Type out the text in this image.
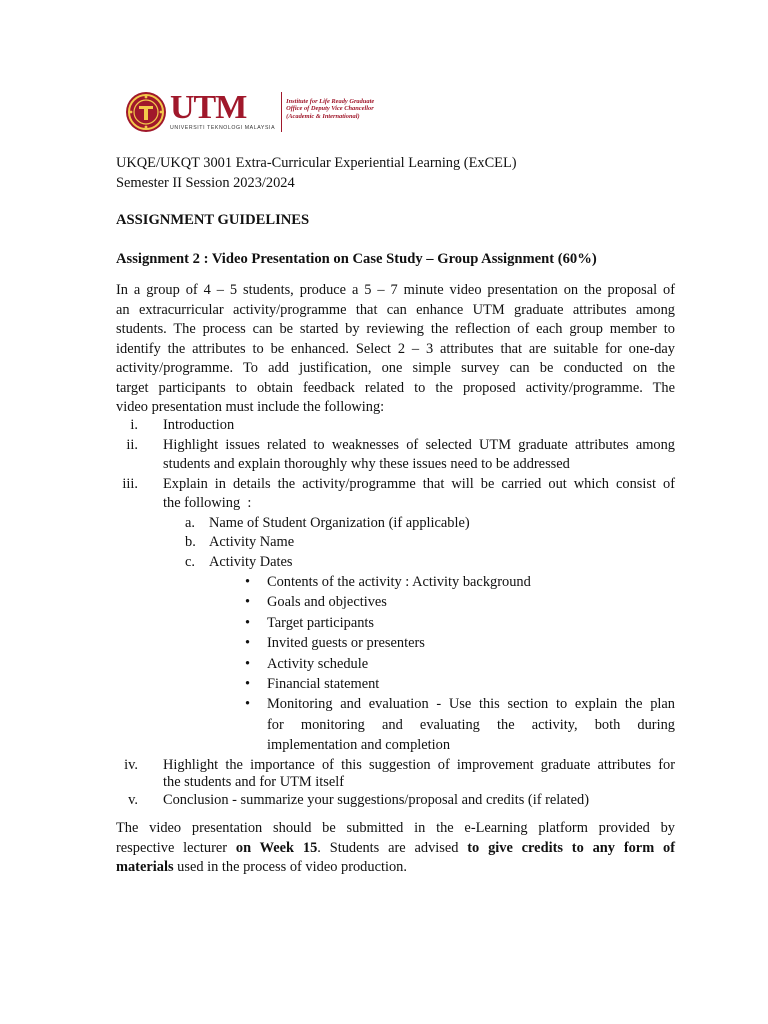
UTM
UNIVERSITI TEKNOLOGI MALAYSIA
Institute for Life Ready Graduate
Office of Deputy Vice Chancellor
(Academic & International)
UKQE/UKQT 3001 Extra-Curricular Experiential Learning (ExCEL)
Semester II Session 2023/2024
ASSIGNMENT GUIDELINES
Assignment 2 : Video Presentation on Case Study – Group Assignment (60%)
In a group of 4 – 5 students, produce a 5 – 7 minute video presentation on the proposal of
an extracurricular activity/programme that can enhance UTM graduate attributes among
students. The process can be started by reviewing the reflection of each group member to
identify the attributes to be enhanced. Select 2 – 3 attributes that are suitable for one-day
activity/programme. To add justification, one simple survey can be conducted on the
target participants to obtain feedback related to the proposed activity/programme. The
video presentation must include the following:
i. Introduction
ii. Highlight issues related to weaknesses of selected UTM graduate attributes among
students and explain thoroughly why these issues need to be addressed
iii. Explain in details the activity/programme that will be carried out which consist of
the following  :
a. Name of Student Organization (if applicable)
b. Activity Name
c. Activity Dates
• Contents of the activity : Activity background
• Goals and objectives
• Target participants
• Invited guests or presenters
• Activity schedule
• Financial statement
• Monitoring and evaluation - Use this section to explain the plan
for monitoring and evaluating the activity, both during
implementation and completion
iv. Highlight the importance of this suggestion of improvement graduate attributes for
the students and for UTM itself
v. Conclusion - summarize your suggestions/proposal and credits (if related)
The video presentation should be submitted in the e-Learning platform provided by
respective lecturer on Week 15. Students are advised to give credits to any form of
materials used in the process of video production.
